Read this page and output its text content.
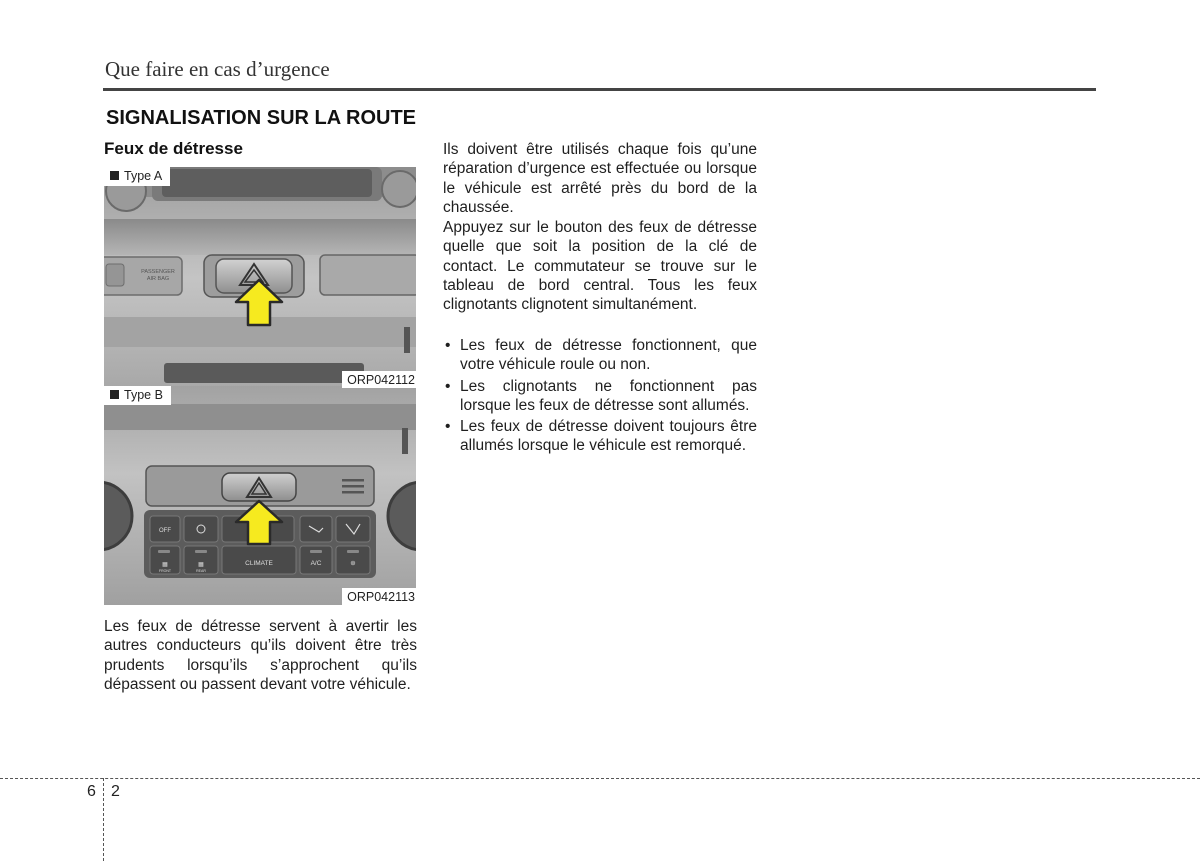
Que faire en cas d’urgence
SIGNALISATION SUR LA ROUTE
Feux de détresse
Type A
PASSENGER
AIR BAG
ORP042112
Type B
OFF
▦
FRONT
▦
REAR
CLIMATE	A/C	⊛
ORP042113
Les feux de détresse servent à avertir les autres conducteurs qu’ils doivent être très prudents lorsqu’ils s’approchent qu’ils dépassent ou passent devant votre véhicule.
Ils doivent être utilisés chaque fois qu’une réparation d’urgence est effectuée ou lorsque le véhicule est arrêté près du bord de la chaussée.
Appuyez sur le bouton des feux de détresse quelle que soit la position de la clé de contact. Le commutateur se trouve sur le tableau de bord central. Tous les feux clignotants clignotent simultanément.
• Les feux de détresse fonctionnent, que votre véhicule roule ou non.
• Les clignotants ne fonctionnent pas lorsque les feux de détresse sont allumés.
• Les feux de détresse doivent toujours être allumés lorsque le véhicule est remorqué.
6 2
